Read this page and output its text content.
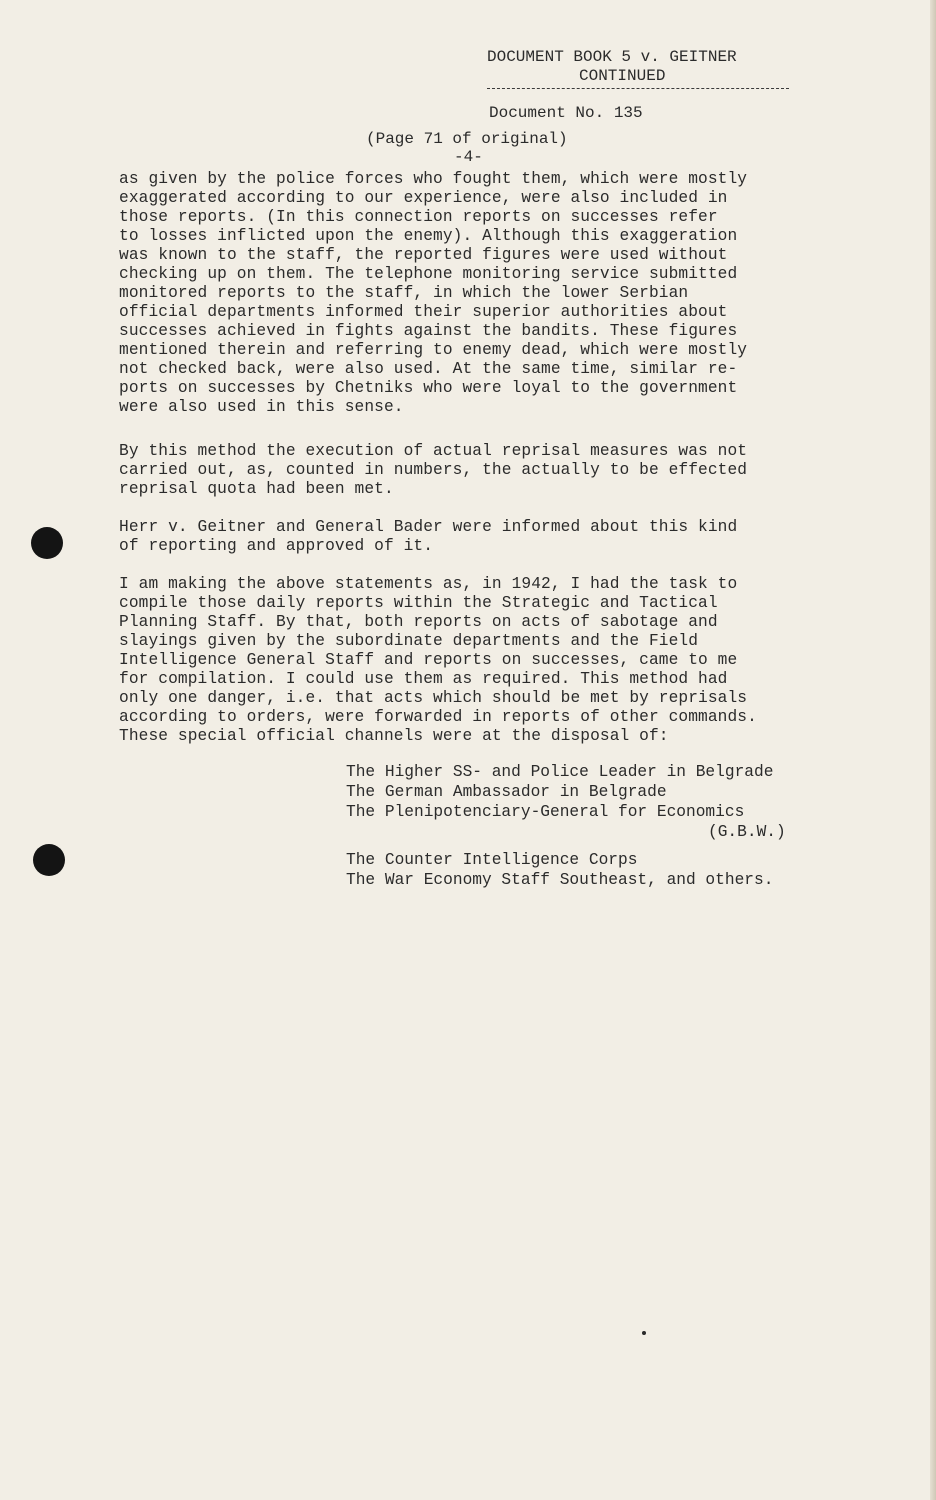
DOCUMENT BOOK 5 v. GEITNER
CONTINUED
Document No. 135
(Page 71 of original)
-4-
as given by the police forces who fought them, which were mostly
exaggerated according to our experience, were also included in
those reports. (In this connection reports on successes refer
to losses inflicted upon the enemy). Although this exaggeration
was known to the staff, the reported figures were used without
checking up on them. The telephone monitoring service submitted
monitored reports to the staff, in which the lower Serbian
official departments informed their superior authorities about
successes achieved in fights against the bandits. These figures
mentioned therein and referring to enemy dead, which were mostly
not checked back, were also used. At the same time, similar re-
ports on successes by Chetniks who were loyal to the government
were also used in this sense.
By this method the execution of actual reprisal measures was not
carried out, as, counted in numbers, the actually to be effected
reprisal quota had been met.
Herr v. Geitner and General Bader were informed about this kind
of reporting and approved of it.
I am making the above statements as, in 1942, I had the task to
compile those daily reports within the Strategic and Tactical
Planning Staff. By that, both reports on acts of sabotage and
slayings given by the subordinate departments and the Field
Intelligence General Staff and reports on successes, came to me
for compilation. I could use them as required. This method had
only one danger, i.e. that acts which should be met by reprisals
according to orders, were forwarded in reports of other commands.
These special official channels were at the disposal of:
The Higher SS- and Police Leader in Belgrade
The German Ambassador in Belgrade
The Plenipotenciary-General for Economics
(G.B.W.)
The Counter Intelligence Corps
The War Economy Staff Southeast, and others.
